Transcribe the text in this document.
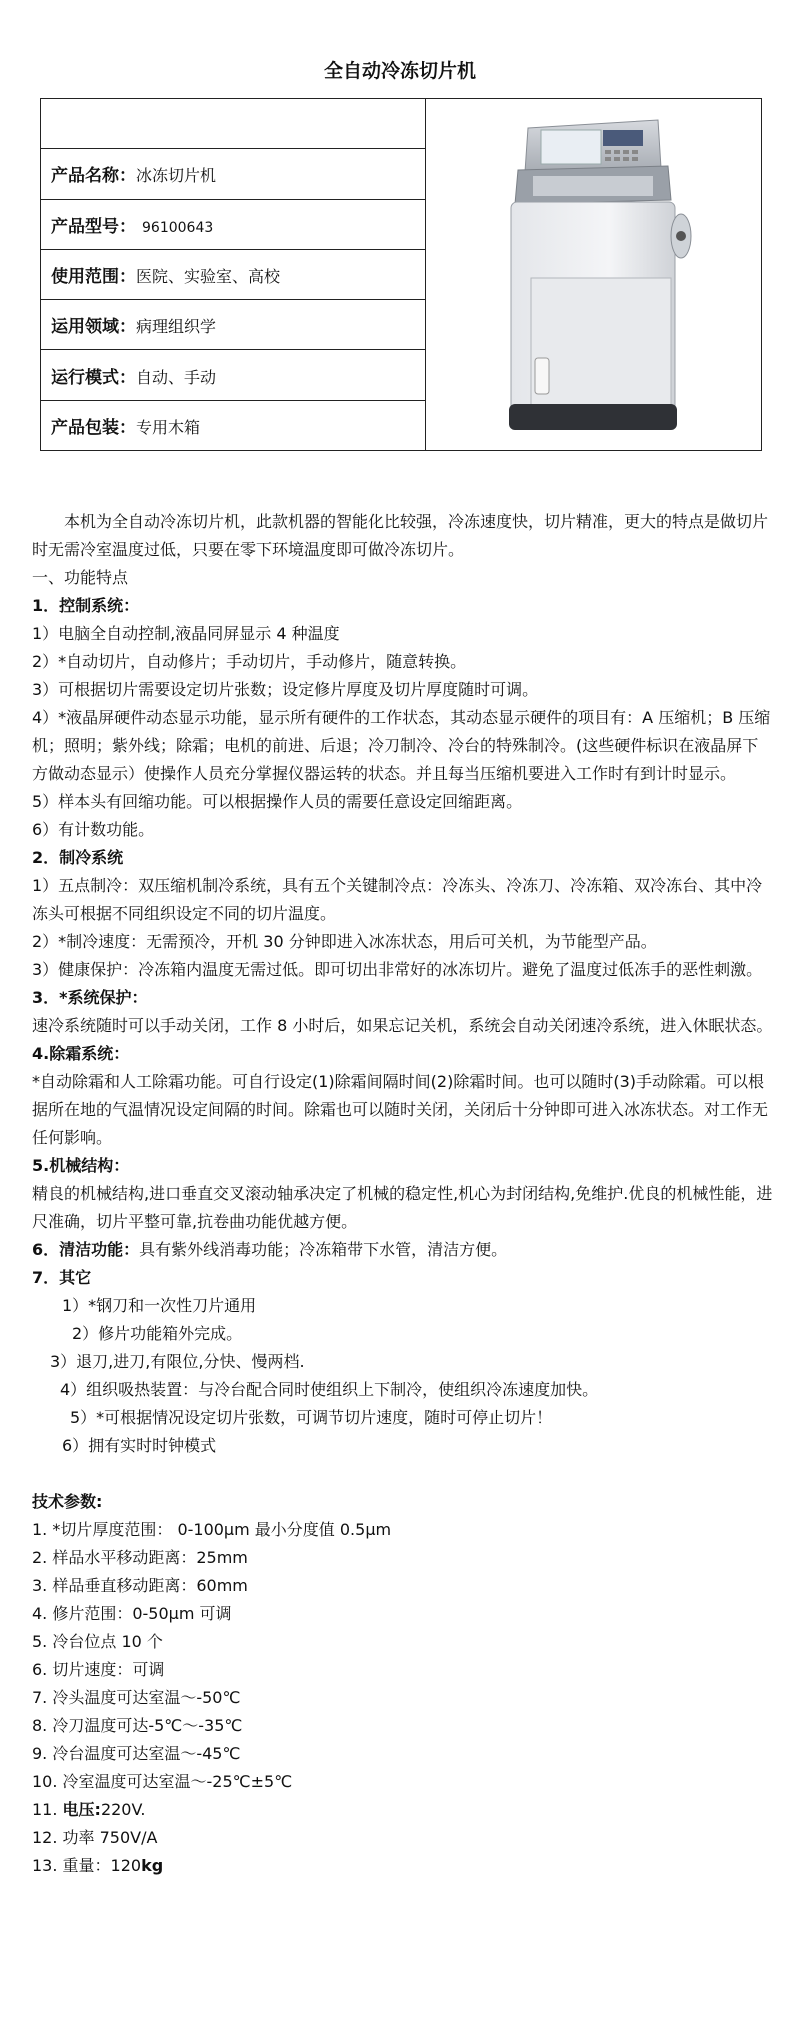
全自动冷冻切片机

产品名称：冰冻切片机
产品型号： 96100643
使用范围：医院、实验室、高校
运用领域：病理组织学
运行模式：自动、手动
产品包装：专用木箱

本机为全自动冷冻切片机，此款机器的智能化比较强，冷冻速度快，切片精准，更大的特点是做切片时无需冷室温度过低，只要在零下环境温度即可做冷冻切片。

一、功能特点

1．控制系统：

1）电脑全自动控制,液晶同屏显示 4 种温度

2）*自动切片，自动修片；手动切片，手动修片，随意转换。

3）可根据切片需要设定切片张数；设定修片厚度及切片厚度随时可调。

4）*液晶屏硬件动态显示功能，显示所有硬件的工作状态，其动态显示硬件的项目有：A 压缩机；B 压缩机；照明；紫外线；除霜；电机的前进、后退；冷刀制冷、冷台的特殊制冷。(这些硬件标识在液晶屏下方做动态显示）使操作人员充分掌握仪器运转的状态。并且每当压缩机要进入工作时有到计时显示。

5）样本头有回缩功能。可以根据操作人员的需要任意设定回缩距离。

6）有计数功能。

2．制冷系统

1）五点制冷：双压缩机制冷系统，具有五个关键制冷点：冷冻头、冷冻刀、冷冻箱、双冷冻台、其中冷冻头可根据不同组织设定不同的切片温度。

2）*制冷速度：无需预冷，开机 30 分钟即进入冰冻状态，用后可关机，为节能型产品。

3）健康保护：冷冻箱内温度无需过低。即可切出非常好的冰冻切片。避免了温度过低冻手的恶性刺激。

3．*系统保护：

速冷系统随时可以手动关闭，工作 8 小时后，如果忘记关机，系统会自动关闭速冷系统，进入休眠状态。

4.除霜系统：

*自动除霜和人工除霜功能。可自行设定(1)除霜间隔时间(2)除霜时间。也可以随时(3)手动除霜。可以根据所在地的气温情况设定间隔的时间。除霜也可以随时关闭，关闭后十分钟即可进入冰冻状态。对工作无任何影响。

5.机械结构：

精良的机械结构,进口垂直交叉滚动轴承决定了机械的稳定性,机心为封闭结构,免维护.优良的机械性能，进尺准确，切片平整可靠,抗卷曲功能优越方便。

6．清洁功能：具有紫外线消毒功能；冷冻箱带下水管，清洁方便。

7．其它

1）*钢刀和一次性刀片通用

2）修片功能箱外完成。

3）退刀,进刀,有限位,分快、慢两档.

4）组织吸热装置：与冷台配合同时使组织上下制冷，使组织冷冻速度加快。

5）*可根据情况设定切片张数，可调节切片速度，随时可停止切片！

6）拥有实时时钟模式

技术参数:

1. *切片厚度范围： 0-100μm 最小分度值 0.5μm

2. 样品水平移动距离：25mm

3. 样品垂直移动距离：60mm

4. 修片范围：0-50μm 可调

5. 冷台位点 10 个

6. 切片速度：可调

7. 冷头温度可达室温～-50℃

8. 冷刀温度可达-5℃～-35℃

9. 冷台温度可达室温～-45℃

10. 冷室温度可达室温～-25℃±5℃

11. 电压:220V.

12. 功率 750V/A

13. 重量：120kg
